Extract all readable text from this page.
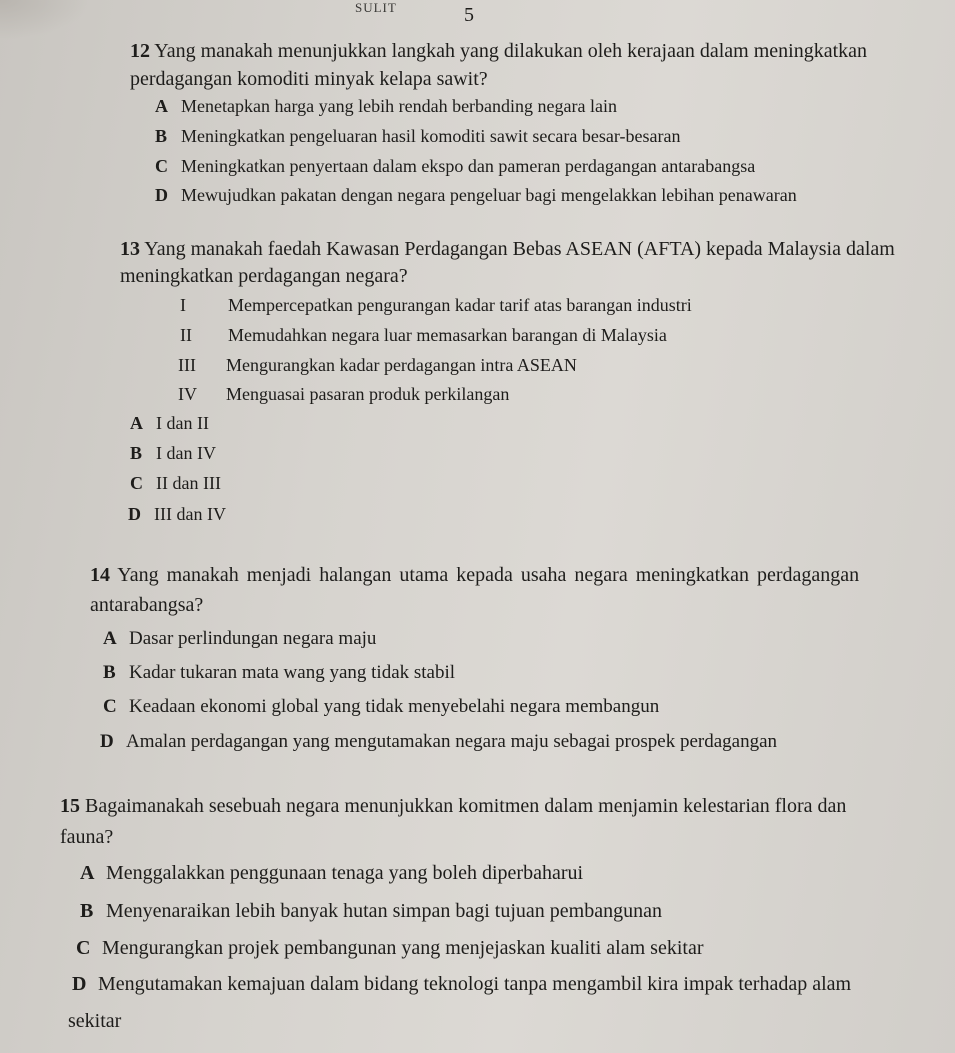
SULIT	5
12 Yang manakah menunjukkan langkah yang dilakukan oleh kerajaan dalam meningkatkan
perdagangan komoditi minyak kelapa sawit?
A Menetapkan harga yang lebih rendah berbanding negara lain
B Meningkatkan pengeluaran hasil komoditi sawit secara besar-besaran
C Meningkatkan penyertaan dalam ekspo dan pameran perdagangan antarabangsa
D Mewujudkan pakatan dengan negara pengeluar bagi mengelakkan lebihan penawaran
13 Yang manakah faedah Kawasan Perdagangan Bebas ASEAN (AFTA) kepada Malaysia dalam
meningkatkan perdagangan negara?
I Mempercepatkan pengurangan kadar tarif atas barangan industri
II Memudahkan negara luar memasarkan barangan di Malaysia
III Mengurangkan kadar perdagangan intra ASEAN
IV Menguasai pasaran produk perkilangan
A I dan II
B I dan IV
C II dan III
D III dan IV
14 Yang manakah menjadi halangan utama kepada usaha negara meningkatkan perdagangan
antarabangsa?
A Dasar perlindungan negara maju
B Kadar tukaran mata wang yang tidak stabil
C Keadaan ekonomi global yang tidak menyebelahi negara membangun
D Amalan perdagangan yang mengutamakan negara maju sebagai prospek perdagangan
15 Bagaimanakah sesebuah negara menunjukkan komitmen dalam menjamin kelestarian flora dan
fauna?
A Menggalakkan penggunaan tenaga yang boleh diperbaharui
B Menyenaraikan lebih banyak hutan simpan bagi tujuan pembangunan
C Mengurangkan projek pembangunan yang menjejaskan kualiti alam sekitar
D Mengutamakan kemajuan dalam bidang teknologi tanpa mengambil kira impak terhadap alam
sekitar
